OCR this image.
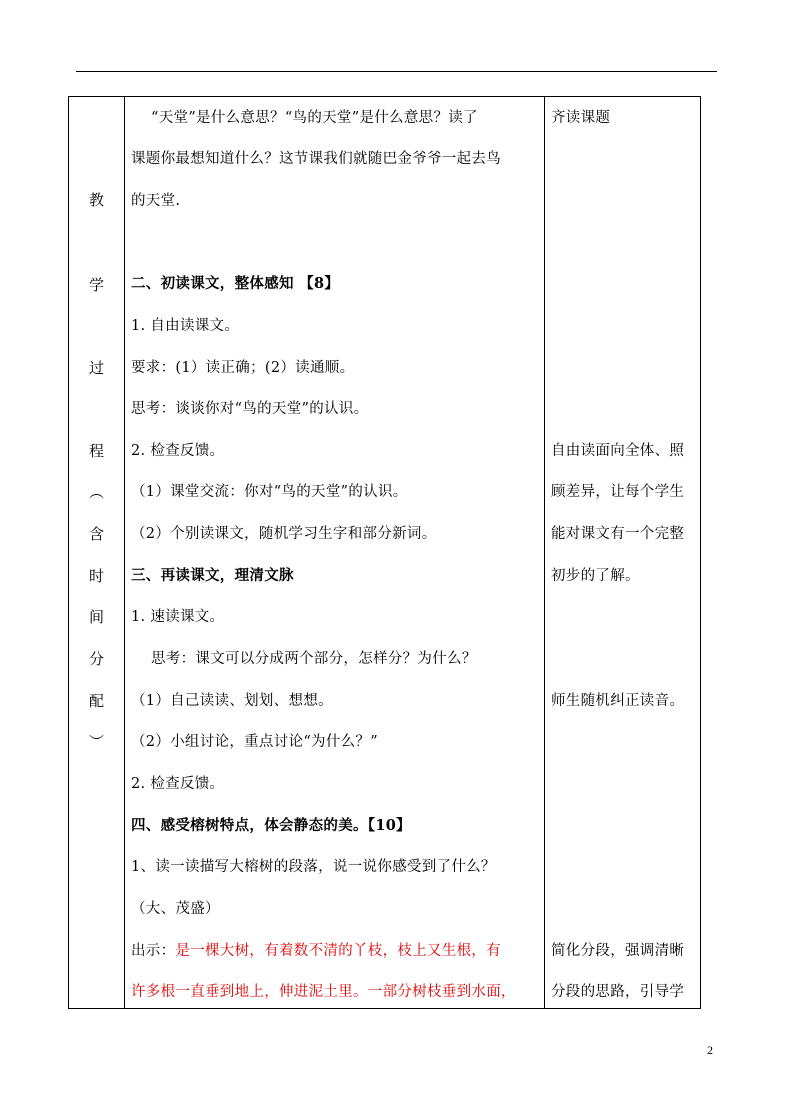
教
学
过
程
︵
含
时
间
分
配
︶
“天堂”是什么意思？“鸟的天堂”是什么意思？读了
课题你最想知道什么？这节课我们就随巴金爷爷一起去鸟
的天堂.
二、初读课文，整体感知 【8】
1. 自由读课文。
要求：(1）读正确；(2）读通顺。
思考：谈谈你对“鸟的天堂”的认识。
2. 检查反馈。
（1）课堂交流：你对“鸟的天堂”的认识。
（2）个别读课文，随机学习生字和部分新词。
三、再读课文，理清文脉
1. 速读课文。
思考：课文可以分成两个部分，怎样分？为什么？
（1）自己读读、划划、想想。
（2）小组讨论，重点讨论“为什么？”
2. 检查反馈。
四、感受榕树特点，体会静态的美。【10】
1、读一读描写大榕树的段落，说一说你感受到了什么？
（大、茂盛）
出示：是一棵大树，有着数不清的丫枝，枝上又生根，有
许多根一直垂到地上，伸进泥土里。一部分树枝垂到水面，
齐读课题
自由读面向全体、照
顾差异，让每个学生
能对课文有一个完整
初步的了解。
师生随机纠正读音。
简化分段，强调清晰
分段的思路，引导学
2
